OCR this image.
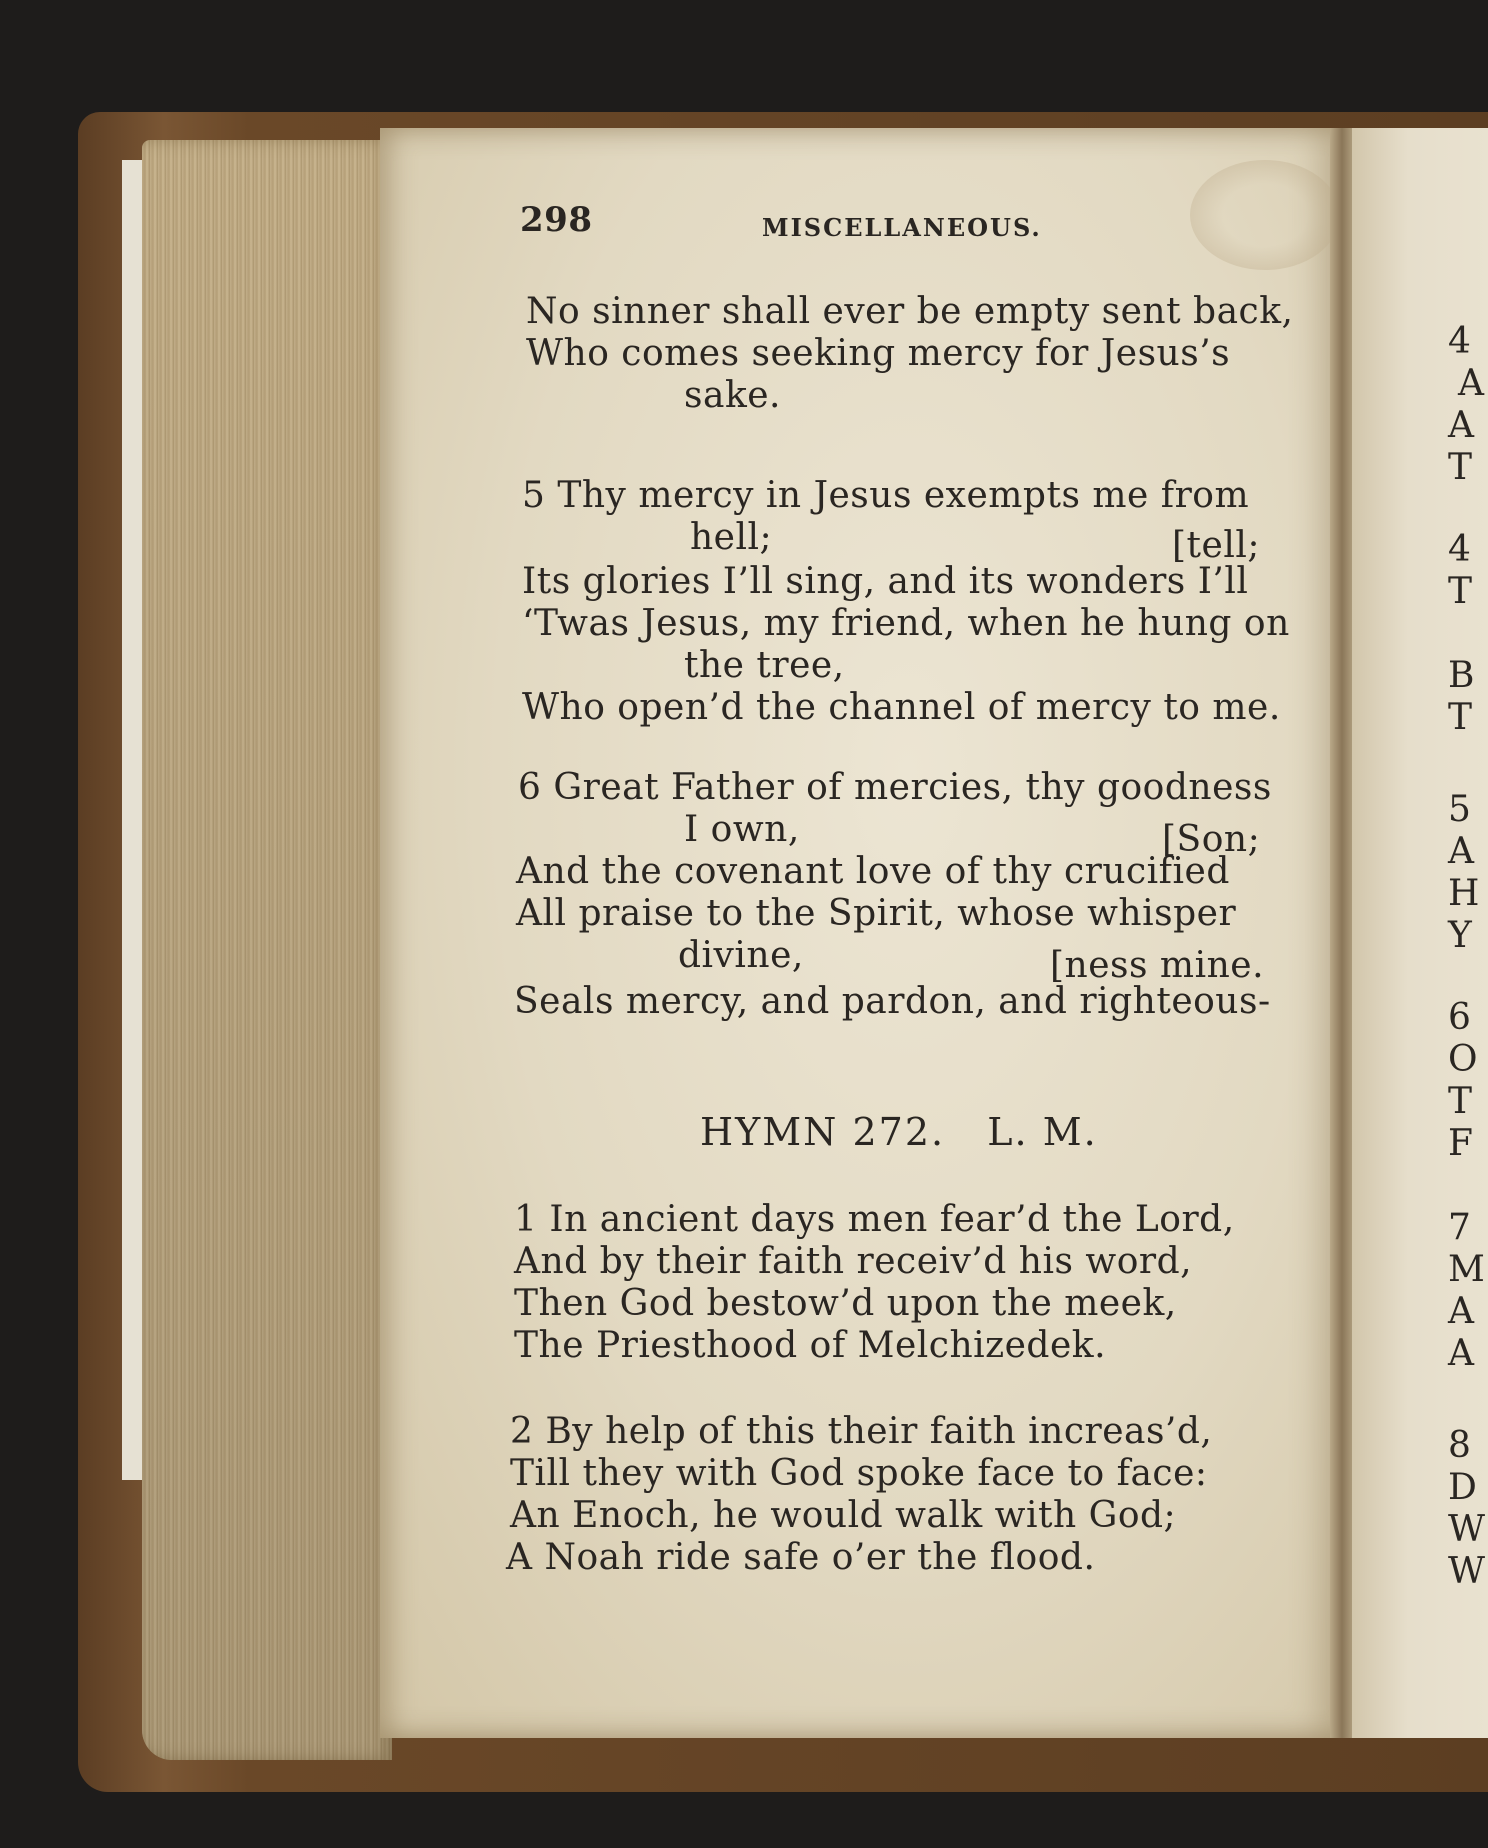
298	MISCELLANEOUS.
No sinner shall ever be empty sent back,
Who comes seeking mercy for Jesus’s
sake.
5 Thy mercy in Jesus exempts me from
hell;	[tell;
Its glories I’ll sing, and its wonders I’ll
‘Twas Jesus, my friend, when he hung on
the tree,
Who open’d the channel of mercy to me.
6 Great Father of mercies, thy goodness
I own,	[Son;
And the covenant love of thy crucified
All praise to the Spirit, whose whisper
divine,	[ness mine.
Seals mercy, and pardon, and righteous-
HYMN 272.   L. M.
1 In ancient days men fear’d the Lord,
And by their faith receiv’d his word,
Then God bestow’d upon the meek,
The Priesthood of Melchizedek.
2 By help of this their faith increas’d,
Till they with God spoke face to face:
An Enoch, he would walk with God;
A Noah ride safe o’er the flood.
4
A
A
T
4
T
B
T
5
A
H
Y
6
O
T
F
7
M
A
A
8
D
W
W
